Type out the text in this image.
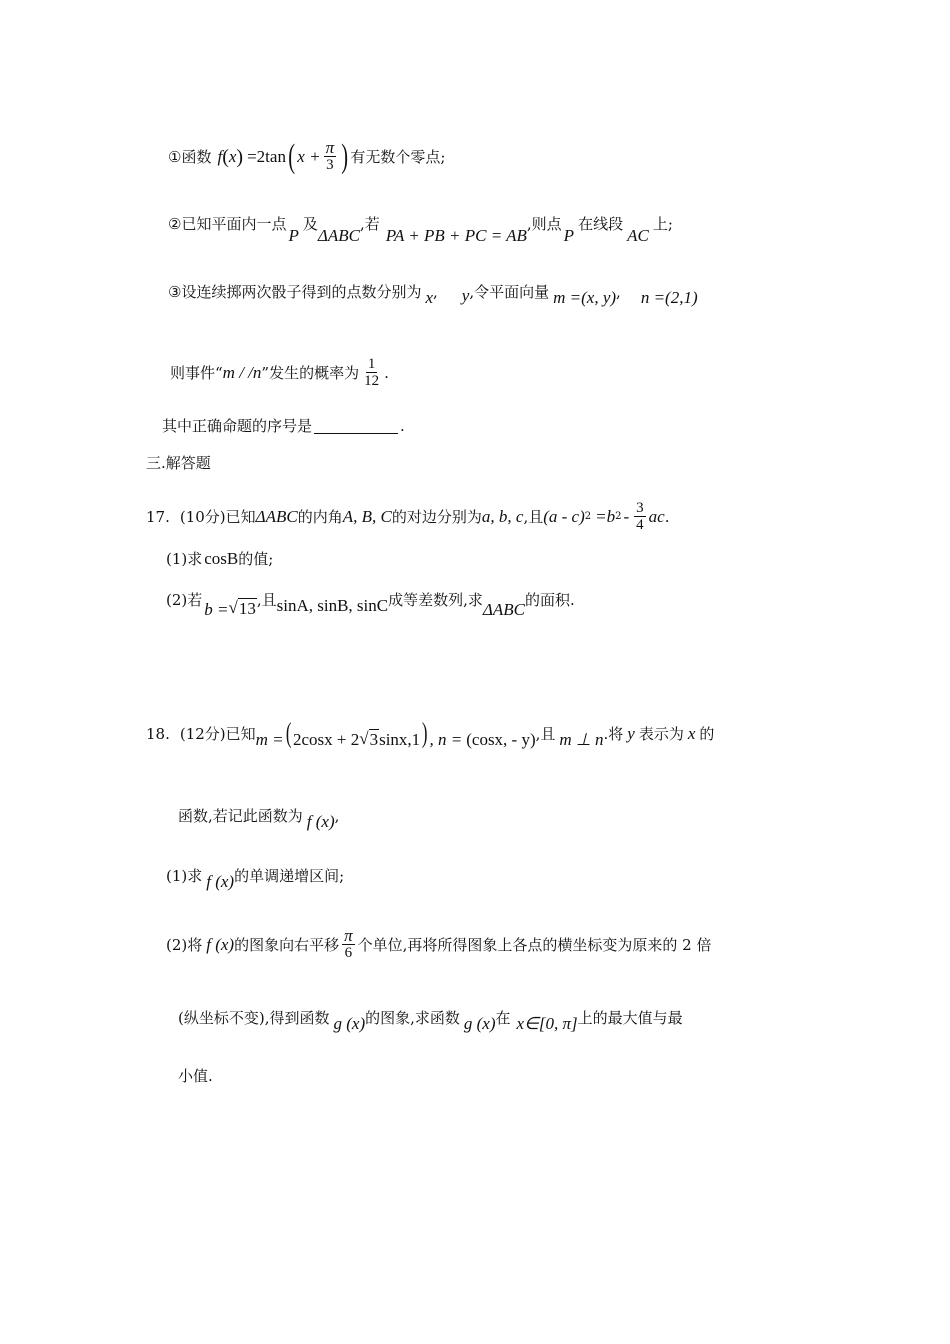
① 函数 f ( x ) =2tan ( $x + \frac{\pi}{3}$ ) 有无数个零点;
② 已知平面内一点
P
及
ΔABC
,若
PA + PB + PC = AB
,则点
P
在线段
AC
上;
③ 设连续掷两次骰子得到的点数分别为 x , y ,令平面向量 m =(x, y) , n =(2,1)
则事件“ m / /n ”发生的概率为 $\frac{1}{12}$ .
其中正确命题的序号是	.
三.解答题
17. (10分)已知 ΔABC 的内角 A, B, C 的对边分别为 a, b, c ,且 (a - c) 2 =b $2 - \frac{3}{4}$ ac .
(1)求 cosB 的值;
(2)若 b = √ 13 ,且 sinA, sinB, sinC 成等差数列,求 ΔABC 的面积.
18. (12分)已知 m = ( 2cosx + 2 √ 3 sinx,1 ) , n = (cosx, - y) ,且 m ⊥ n .将 y 表示为 x 的
函数,若记此函数为 f (x) ,
(1)求 f (x) 的单调递增区间;
(2)将 f (x) 的图象向右平移 $\frac{\pi}{6}$ 个单位,再将所得图象上各点的横坐标变为原来的 2 倍
(纵坐标不变),得到函数 g (x) 的图象,求函数 g (x) 在 x∈[0, π] 上的最大值与最
小值.
